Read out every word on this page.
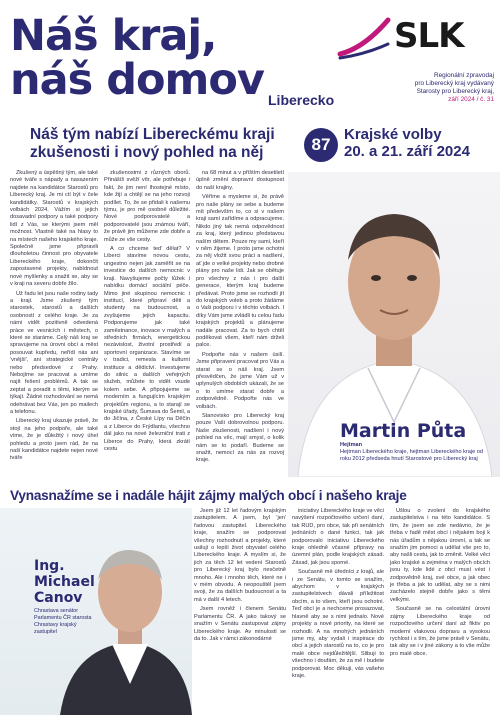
Náš kraj,
náš domov Liberecko
SLK
Regionální zpravodaj
pro Liberecký kraj vydávaný
Starosty pro Liberecký kraj,
září 2024 / č. 31
Náš tým nabízí Libereckému kraji zkušenosti i nový pohled na něj	87
Krajské volby
20. a 21. září 2024

Zkušený a úspěšný tým, ale také nové tváře s nápady a nasazením najdete na kandidátce Starostů pro Liberecký kraj. Je mi ctí být v čele kandidátky. Starostů v krajských volbách 2024. Vážím si jejich dosavadní podpory a také podpory lidí z Vás, se kterými jsem měl možnost. Vlastně také na hlasy to na místech našeho krajského kraje. Společně jsme připravili dlouholetou činnost pro obyvatele Libereckého kraje, dokončit zapostavené projekty, nabídnout nové myšlenky a snažit se, aby se v kraji na severu dobře žilo.

Už řadu let jsou naše rodiny tady a kraji. Jsme zkušený tým starostek, starostů a dalších osobností z celého kraje. Je za námi vidět pozitivně odvedená práce ve vesnicích i městech, o které se staráme. Celý náš kraj se spravujeme na úrovni obcí a měst posouvat kupředu, neřídí nás ani 'vnější', ani strategické centrály nebo předsedové z Prahy. Nebojíme se pracovat a umíme najít řešení problémů. A tak se zeptat a poradit s těmi, kterým se týkají. Žádné rozhodování se nemá odehrávat bez Vás, jen po mailech a telefonu.

Liberecký kraj ukazuje právě, že stojí na jeho podpoře, ale také víme, že je důležitý i nový úhel pohledu a proto jsem rád, že na naší kandidátce najdete nejen nové tváře

zkušenostmi z různých oborů. Přinášíš svěží vítr, ale potřebuje i fakt, že jim není lhostejné místo, kde žijí a chtějí se na jeho rozvoji podílet. To, že se přidali k našemu týmu, je pro mě osobně důležité. Nové podporovatelé a podporovatelé jsou známou tváří, že právě jim můžeme zde dobře a může ze vše cesty.

A co chceme teď dělat? V Liberci stavíme novou cestu, ungestno nejen jak zaměřit se na investice do dalších nemocnic v kraji. Navyšujeme počty lůžek i nabídku domácí sociální péče. Mimo jiné skupinou nemocnic i institucí, které připraví děti a studenty na budoucnost, a zvyšujeme jejich kapacitu. Podporujeme jak také zaměstnance, inovace v malých a středních firmách, energetickou nezávislost, životní prostředí a sportovní organizace. Stavíme se v tradici, remesla a kulturní instituce a dědictví. Investujeme do silnic a dalších veřejných služeb, můžete to vidět vsude kolem sebe. A připojujeme se moderním a fungujícím krajským projektům regionu, a to starají se krajské úřady, Šumava do Šemil, a do Jičína, z České Lípy na Děčín a z Liberce do Frýdlantu, všechno dál jako na nové železniční trati z Liberce do Prahy, která zkrátí cestu

na 68 minut a v příštím desetiletí úplně změní dopravní dostupnost do naší krajiny.

Věříme a mysleme si, že právě pro naše plány se sebe a budeme mít především to, co si v našem kraji samí zařídíme a odpracujeme. Nikdo jiný tak nemá odpovědnost za kraj, který jedinou představou naším dětem. Pouze my sami, kteří v něm žijeme. I proto jsme ochotni za něj vložit svou práci a nadšení, ať jde o velké projekty nebo drobné plány pro naše lidi. Jak se obětuje pro všechny z nás i pro další generace, kterým kraj budeme předávat. Proto jsme se rozhodli jít do krajských voleb a proto žádáme o Vaši podporu i v těchto volbách. I díky Vám jsme zvládli tu celou řadu krajských projektů a plánujeme nadále pracovat. Za to bych chtěl poděkovat všem, kteří nám drželi palce.

Podpořte nás v našem úsilí. Jsme připraveni pracovat pro Vás a starat se o náš kraj. Jsem přesvědčen, že jsme Vám už v uplynulých obdobích ukázali, že se o to umíme starat dobře a zodpovědně. Podpořte nás ve volbách.

Stanovisko pro Liberecký kraj pouze Vaši dobrovolnou podporu. Naše zkušenosti, nadšení i nový pohled na věc, mají smysl, o kolik nám se to podaří. Budeme se snažit, nemocí za nás za rozvoj kraje.

Martin Půta
Hejtman
Hejtman Libereckého kraje, hejtman Libereckého kraje od roku 2012 předseda hnutí Starostové pro Liberecký kraj
Vynasnažíme se i nadále hájit zájmy malých obcí i našeho kraje
Ing.
Michael
Canov
Chrastava senátor Parlamentu ČR starosta Chrastavy krajský zastupitel

Jsem již 12 let řadovým krajským zastupitelem. A jsem, byl 'jen' řadovou zastupitel. Libereckého kraje, snažím se podporovat všechny rozhodnutí a projekty, které usilují o lepší život obyvatel celého Libereckého kraje. A myslím si, že jich za těch 12 let vedení Starostů pro Liberecký kraj bylo nesčetně mnoho. Ale i mnoho těch, které ne i v mém obvodu. A neopouštěl jsem svoji, že za dalších budoucnost a ta má v další 4 letech.

Jsem rovněž i členem Senátu Parlamentu ČR. A jako takový se snažím v Senátu zastupovat zájmy Libereckého kraje. Av minulosti se da to. Jak v rámci zákonodárné

iniciativy Libereckého kraje ve věci navýšení rozpočtového určení daní, tak RUD, pro obce, tak při senátních jednáních o dané funkci, tak jak podporovalo iniciativu Libereckého kraje ohledně včasné přípravy na územní plán, podle krajských zásad. Zásad, jak jsou sporné.

Současně mě úředníci z krajů, ale i ze Senátu, v tomto se snažím, abychom v krajských zastupitelstvech dávali příležitost obcím, a to všem, kteří jsou ochotni. Teď obcí je a nechceme prosazovat, hlavně aby se s nimi jednalo. Nové projekty a nové priority, na které se rozhodli. A na mnohých jednáních jsme my, aby vydali i inspirace do obcí a jejich starostů na to, co je pro malé obce nejdůležitější. Slibuji to všechno i doufám, že za mě i budete podporovat. Moc děkuji, vás vašeho kraje.

Ušlou o zvolení do krajského zastupitelstva i na této kandidátce. S tím, že jsem se zde nedávno, že je třeba v řadě měst obcí i nějakém boji k nás úřadům s nějakou úrovní, a tak se snažím jim pomoci a udělat vše pro to, aby našli cestu, jak to změnit. Velké věci jako krajské a zejména v malých obcích jsou ty, kde lidé z obcí musí vést i zodpovědně kraj, své obce, a jak obec je třeba a jak to udělat, aby se s nimi zacházelo stejně dobře jako s těmi velkými.

Současně se na celostátní úrovni zájmy Libereckého kraje od rozpočtového určení daní až fiktiv po moderní vlakovou dopravu a vysokou rychlost i s tím, že jsme právě v Senátu, tak aby se i v jiné zákony a to vše může pro malé obce.
